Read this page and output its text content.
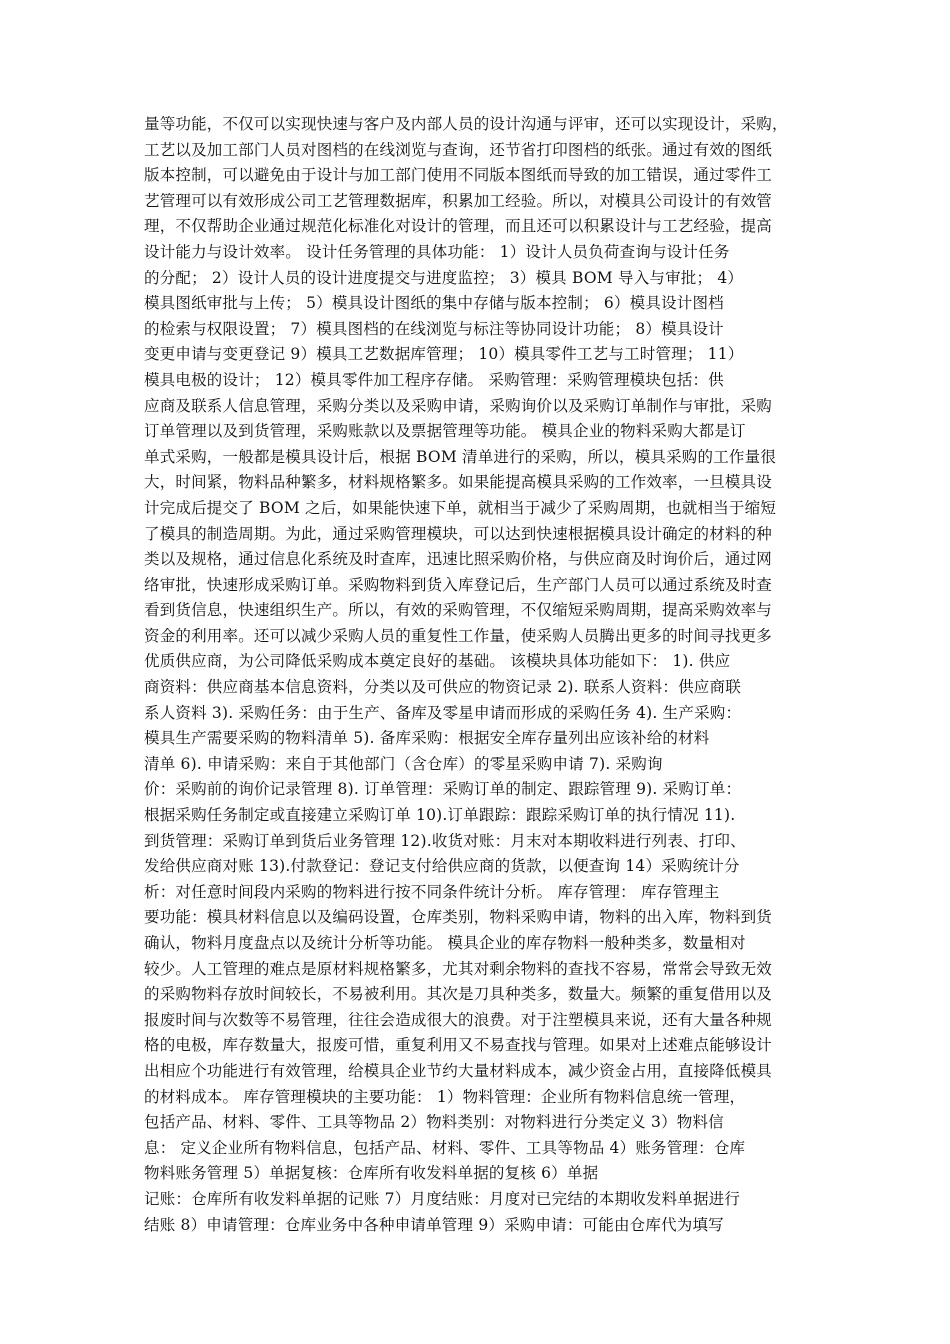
量等功能，不仅可以实现快速与客户及内部人员的设计沟通与评审，还可以实现设计，采购，
工艺以及加工部门人员对图档的在线浏览与查询，还节省打印图档的纸张。通过有效的图纸
版本控制，可以避免由于设计与加工部门使用不同版本图纸而导致的加工错误，通过零件工
艺管理可以有效形成公司工艺管理数据库，积累加工经验。所以，对模具公司设计的有效管
理，不仅帮助企业通过规范化标准化对设计的管理，而且还可以积累设计与工艺经验，提高
设计能力与设计效率。 设计任务管理的具体功能： 1）设计人员负荷查询与设计任务
的分配； 2）设计人员的设计进度提交与进度监控； 3）模具 BOM 导入与审批； 4）
模具图纸审批与上传； 5）模具设计图纸的集中存储与版本控制； 6）模具设计图档
的检索与权限设置； 7）模具图档的在线浏览与标注等协同设计功能； 8）模具设计
变更申请与变更登记 9）模具工艺数据库管理； 10）模具零件工艺与工时管理； 11）
模具电极的设计； 12）模具零件加工程序存储。 采购管理：采购管理模块包括：供
应商及联系人信息管理，采购分类以及采购申请，采购询价以及采购订单制作与审批，采购
订单管理以及到货管理，采购账款以及票据管理等功能。 模具企业的物料采购大都是订
单式采购，一般都是模具设计后，根据 BOM 清单进行的采购，所以，模具采购的工作量很
大，时间紧，物料品种繁多，材料规格繁多。如果能提高模具采购的工作效率，一旦模具设
计完成后提交了 BOM 之后，如果能快速下单，就相当于减少了采购周期，也就相当于缩短
了模具的制造周期。为此，通过采购管理模块，可以达到快速根据模具设计确定的材料的种
类以及规格，通过信息化系统及时查库，迅速比照采购价格，与供应商及时询价后，通过网
络审批，快速形成采购订单。采购物料到货入库登记后，生产部门人员可以通过系统及时查
看到货信息，快速组织生产。所以，有效的采购管理，不仅缩短采购周期，提高采购效率与
资金的利用率。还可以减少采购人员的重复性工作量，使采购人员腾出更多的时间寻找更多
优质供应商，为公司降低采购成本奠定良好的基础。 该模块具体功能如下： 1). 供应
商资料：供应商基本信息资料，分类以及可供应的物资记录 2). 联系人资料：供应商联
系人资料 3). 采购任务：由于生产、备库及零星申请而形成的采购任务 4). 生产采购：
模具生产需要采购的物料清单 5). 备库采购：根据安全库存量列出应该补给的材料
清单 6). 申请采购：来自于其他部门（含仓库）的零星采购申请 7). 采购询
价：采购前的询价记录管理 8). 订单管理：采购订单的制定、跟踪管理 9). 采购订单：
根据采购任务制定或直接建立采购订单 10).订单跟踪：跟踪采购订单的执行情况 11).
到货管理：采购订单到货后业务管理 12).收货对账：月末对本期收料进行列表、打印、
发给供应商对账 13).付款登记：登记支付给供应商的货款，以便查询 14）采购统计分
析：对任意时间段内采购的物料进行按不同条件统计分析。 库存管理： 库存管理主
要功能：模具材料信息以及编码设置，仓库类别，物料采购申请，物料的出入库，物料到货
确认，物料月度盘点以及统计分析等功能。 模具企业的库存物料一般种类多，数量相对
较少。人工管理的难点是原材料规格繁多，尤其对剩余物料的查找不容易，常常会导致无效
的采购物料存放时间较长，不易被利用。其次是刀具种类多，数量大。频繁的重复借用以及
报废时间与次数等不易管理，往往会造成很大的浪费。对于注塑模具来说，还有大量各种规
格的电极，库存数量大，报废可惜，重复利用又不易查找与管理。如果对上述难点能够设计
出相应个功能进行有效管理，给模具企业节约大量材料成本，减少资金占用，直接降低模具
的材料成本。 库存管理模块的主要功能： 1）物料管理：企业所有物料信息统一管理，
包括产品、材料、零件、工具等物品 2）物料类别：对物料进行分类定义 3）物料信
息： 定义企业所有物料信息，包括产品、材料、零件、工具等物品 4）账务管理：仓库
物料账务管理 5）单据复核：仓库所有收发料单据的复核 6）单据
记账：仓库所有收发料单据的记账 7）月度结账：月度对已完结的本期收发料单据进行
结账 8）申请管理：仓库业务中各种申请单管理 9）采购申请：可能由仓库代为填写
